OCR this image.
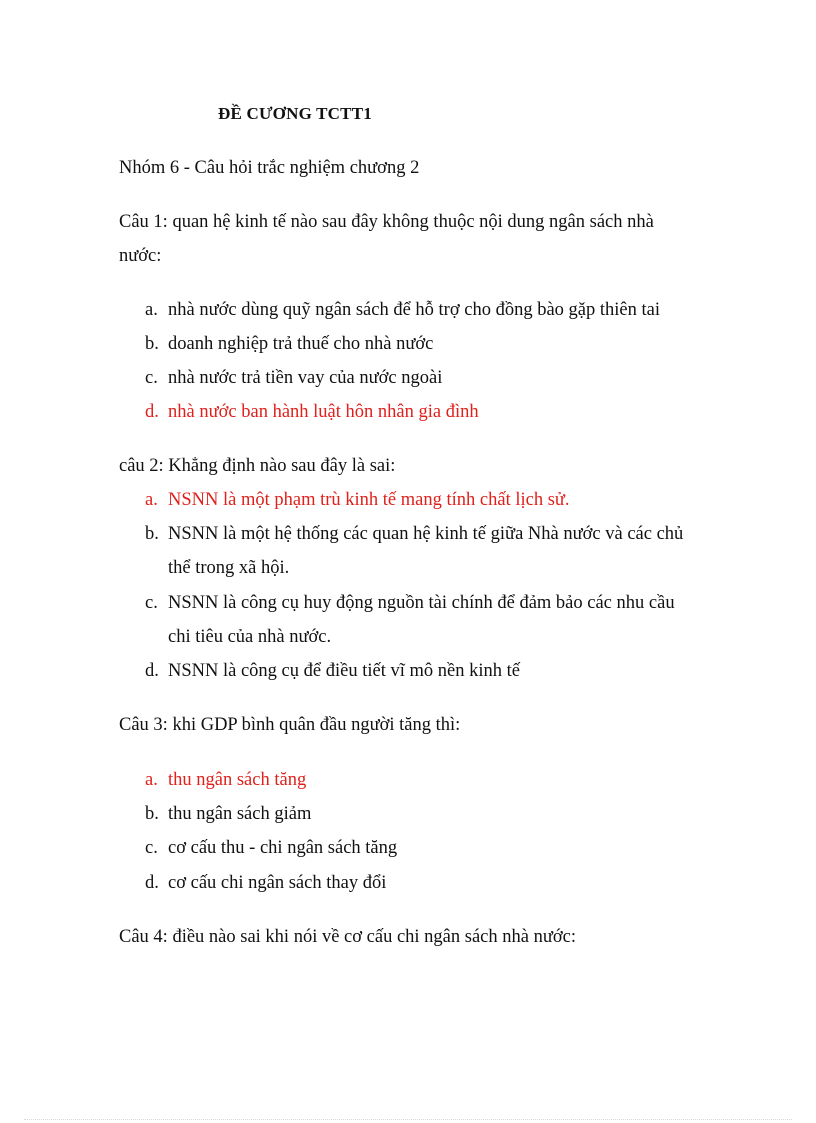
ĐỀ CƯƠNG TCTT1
Nhóm 6 - Câu hỏi trắc nghiệm chương 2
Câu 1: quan hệ kinh tế nào sau đây không thuộc nội dung ngân sách nhà
nước:
a. nhà nước dùng quỹ ngân sách để hỗ trợ cho đồng bào gặp thiên tai
b. doanh nghiệp trả thuế cho nhà nước
c. nhà nước trả tiền vay của nước ngoài
d. nhà nước ban hành luật hôn nhân gia đình
câu 2: Khẳng định nào sau đây là sai:
a. NSNN là một phạm trù kinh tế mang tính chất lịch sử.
b. NSNN là một hệ thống các quan hệ kinh tế giữa Nhà nước và các chủ
thể trong xã hội.
c. NSNN là công cụ huy động nguồn tài chính để đảm bảo các nhu cầu
chi tiêu của nhà nước.
d. NSNN là công cụ để điều tiết vĩ mô nền kinh tế
Câu 3: khi GDP bình quân đầu người tăng thì:
a. thu ngân sách tăng
b. thu ngân sách giảm
c. cơ cấu thu - chi ngân sách tăng
d. cơ cấu chi ngân sách thay đổi
Câu 4: điều nào sai khi nói về cơ cấu chi ngân sách nhà nước:
